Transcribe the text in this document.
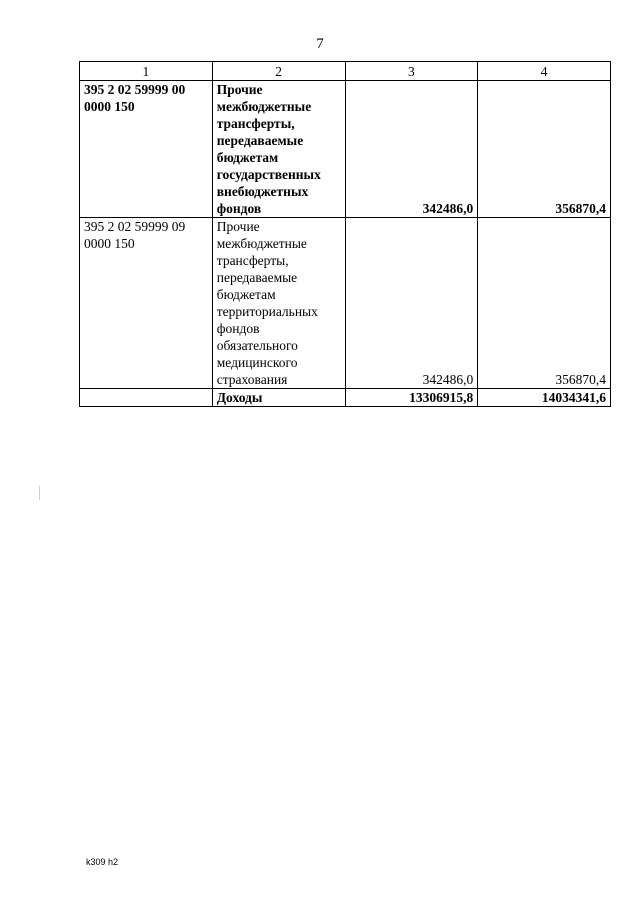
7
1	2	3	4
395 2 02 59999 00 0000 150	Прочие межбюджетные трансферты, передаваемые бюджетам государственных внебюджетных фондов	342486,0	356870,4
395 2 02 59999 09 0000 150	Прочие межбюджетные трансферты, передаваемые бюджетам территориальных фондов обязательного медицинского страхования	342486,0	356870,4
	Доходы	13306915,8	14034341,6
k309 h2
